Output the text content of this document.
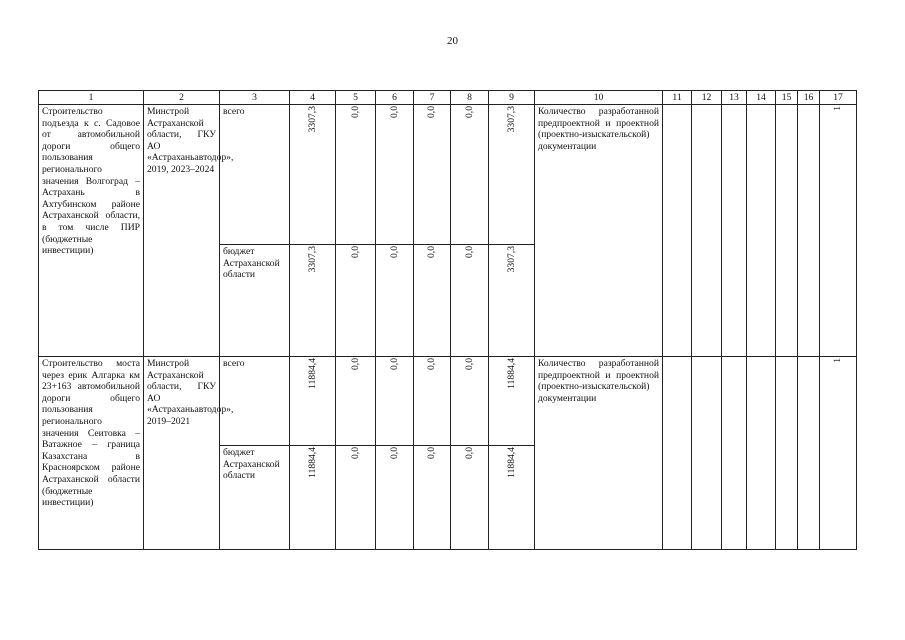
20
1	2	3	4	5	6	7	8	9	10	11	12	13	14	15	16	17
Строительство подъезда к с. Садовое от автомобильной дороги общего пользования регионального значения Волгоград – Астрахань в Ахтубинском районе Астраханской области, в том числе ПИР (бюджетные инвестиции)	Минстрой Астраханской области, ГКУ АО «Астраханьавтодор», 2019, 2023–2024	всего	3307,3	0,0	0,0	0,0	0,0	3307,3	Количество разработанной предпроектной и проектной (проектно-изыскательской) документации							1

		бюджет Астраханской области	3307,3	0,0	0,0	0,0	0,0	3307,3								

Строительство моста через ерик Алгарка км 23+163 автомобильной дороги общего пользования регионального значения Сеитовка – Ватажное – граница Казахстана в Красноярском районе Астраханской области (бюджетные инвестиции)	Минстрой Астраханской области, ГКУ АО «Астраханьавтодор», 2019–2021	всего	11884,4	0,0	0,0	0,0	0,0	11884,4	Количество разработанной предпроектной и проектной (проектно-изыскательской) документации							1

		бюджет Астраханской области	11884,4	0,0	0,0	0,0	0,0	11884,4								
